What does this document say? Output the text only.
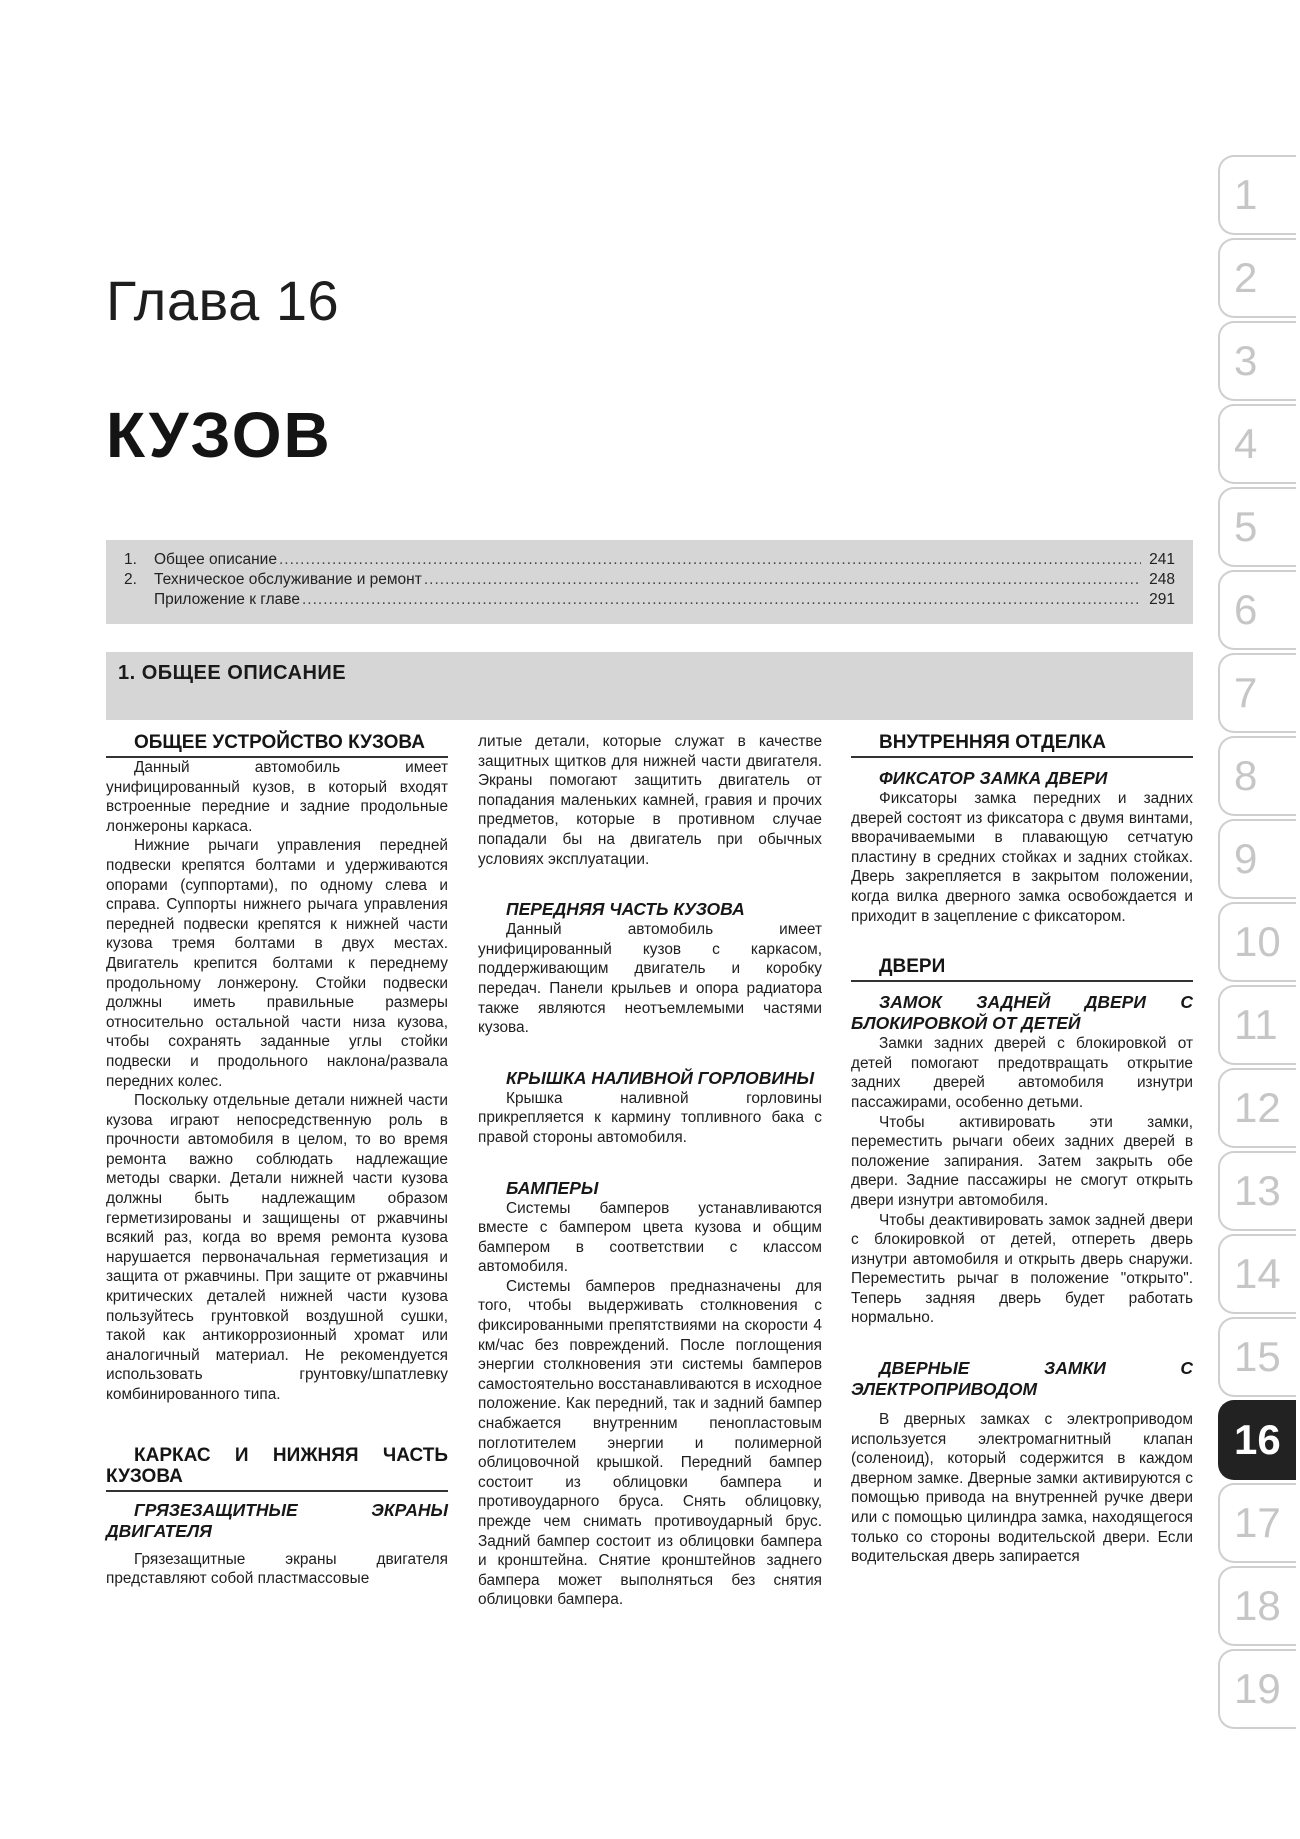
Глава 16
КУЗОВ
1.	Общее описание .....	241
2.	Техническое обслуживание и ремонт .....	248
Приложение к главе .....	291
1. ОБЩЕЕ ОПИСАНИЕ

ОБЩЕЕ УСТРОЙСТВО КУЗОВА

Данный автомобиль имеет унифицированный кузов, в который входят встроенные передние и задние продольные лонжероны каркаса.

Нижние рычаги управления передней подвески крепятся болтами и удерживаются опорами (суппортами), по одному слева и справа. Суппорты нижнего рычага управления передней подвески крепятся к нижней части кузова тремя болтами в двух местах. Двигатель крепится болтами к переднему продольному лонжерону. Стойки подвески должны иметь правильные размеры относительно остальной части низа кузова, чтобы сохранять заданные углы стойки подвески и продольного наклона/развала передних колес.

Поскольку отдельные детали нижней части кузова играют непосредственную роль в прочности автомобиля в целом, то во время ремонта важно соблюдать надлежащие методы сварки. Детали нижней части кузова должны быть надлежащим образом герметизированы и защищены от ржавчины всякий раз, когда во время ремонта кузова нарушается первоначальная герметизация и защита от ржавчины. При защите от ржавчины критических деталей нижней части кузова пользуйтесь грунтовкой воздушной сушки, такой как антикоррозионный хромат или аналогичный материал. Не рекомендуется использовать грунтовку/шпатлевку комбинированного типа.

КАРКАС И НИЖНЯЯ ЧАСТЬ КУЗОВА

ГРЯЗЕЗАЩИТНЫЕ ЭКРАНЫ ДВИГАТЕЛЯ

Грязезащитные экраны двигателя представляют собой пластмассовые

литые детали, которые служат в качестве защитных щитков для нижней части двигателя. Экраны помогают защитить двигатель от попадания маленьких камней, гравия и прочих предметов, которые в противном случае попадали бы на двигатель при обычных условиях эксплуатации.

ПЕРЕДНЯЯ ЧАСТЬ КУЗОВА

Данный автомобиль имеет унифицированный кузов с каркасом, поддерживающим двигатель и коробку передач. Панели крыльев и опора радиатора также являются неотъемлемыми частями кузова.

КРЫШКА НАЛИВНОЙ ГОРЛОВИНЫ

Крышка наливной горловины прикрепляется к кармину топливного бака с правой стороны автомобиля.

БАМПЕРЫ

Системы бамперов устанавливаются вместе с бампером цвета кузова и общим бампером в соответствии с классом автомобиля.

Системы бамперов предназначены для того, чтобы выдерживать столкновения с фиксированными препятствиями на скорости 4 км/час без повреждений. После поглощения энергии столкновения эти системы бамперов самостоятельно восстанавливаются в исходное положение. Как передний, так и задний бампер снабжается внутренним пенопластовым поглотителем энергии и полимерной облицовочной крышкой. Передний бампер состоит из облицовки бампера и противоударного бруса. Снять облицовку, прежде чем снимать противоударный брус. Задний бампер состоит из облицовки бампера и кронштейна. Снятие кронштейнов заднего бампера может выполняться без снятия облицовки бампера.

ВНУТРЕННЯЯ ОТДЕЛКА

ФИКСАТОР ЗАМКА ДВЕРИ

Фиксаторы замка передних и задних дверей состоят из фиксатора с двумя винтами, вворачиваемыми в плавающую сетчатую пластину в средних стойках и задних стойках. Дверь закрепляется в закрытом положении, когда вилка дверного замка освобождается и приходит в зацепление с фиксатором.

ДВЕРИ

ЗАМОК ЗАДНЕЙ ДВЕРИ С БЛОКИРОВКОЙ ОТ ДЕТЕЙ

Замки задних дверей с блокировкой от детей помогают предотвращать открытие задних дверей автомобиля изнутри пассажирами, особенно детьми.

Чтобы активировать эти замки, переместить рычаги обеих задних дверей в положение запирания. Затем закрыть обе двери. Задние пассажиры не смогут открыть двери изнутри автомобиля.

Чтобы деактивировать замок задней двери с блокировкой от детей, отпереть дверь изнутри автомобиля и открыть дверь снаружи. Переместить рычаг в положение "открыто". Теперь задняя дверь будет работать нормально.

ДВЕРНЫЕ ЗАМКИ С ЭЛЕКТРОПРИВОДОМ

В дверных замках с электроприводом используется электромагнитный клапан (соленоид), который содержится в каждом дверном замке. Дверные замки активируются с помощью привода на внутренней ручке двери или с помощью цилиндра замка, находящегося только со стороны водительской двери. Если водительская дверь запирается

1
2
3
4
5
6
7
8
9
10
11
12
13
14
15
16
17
18
19
